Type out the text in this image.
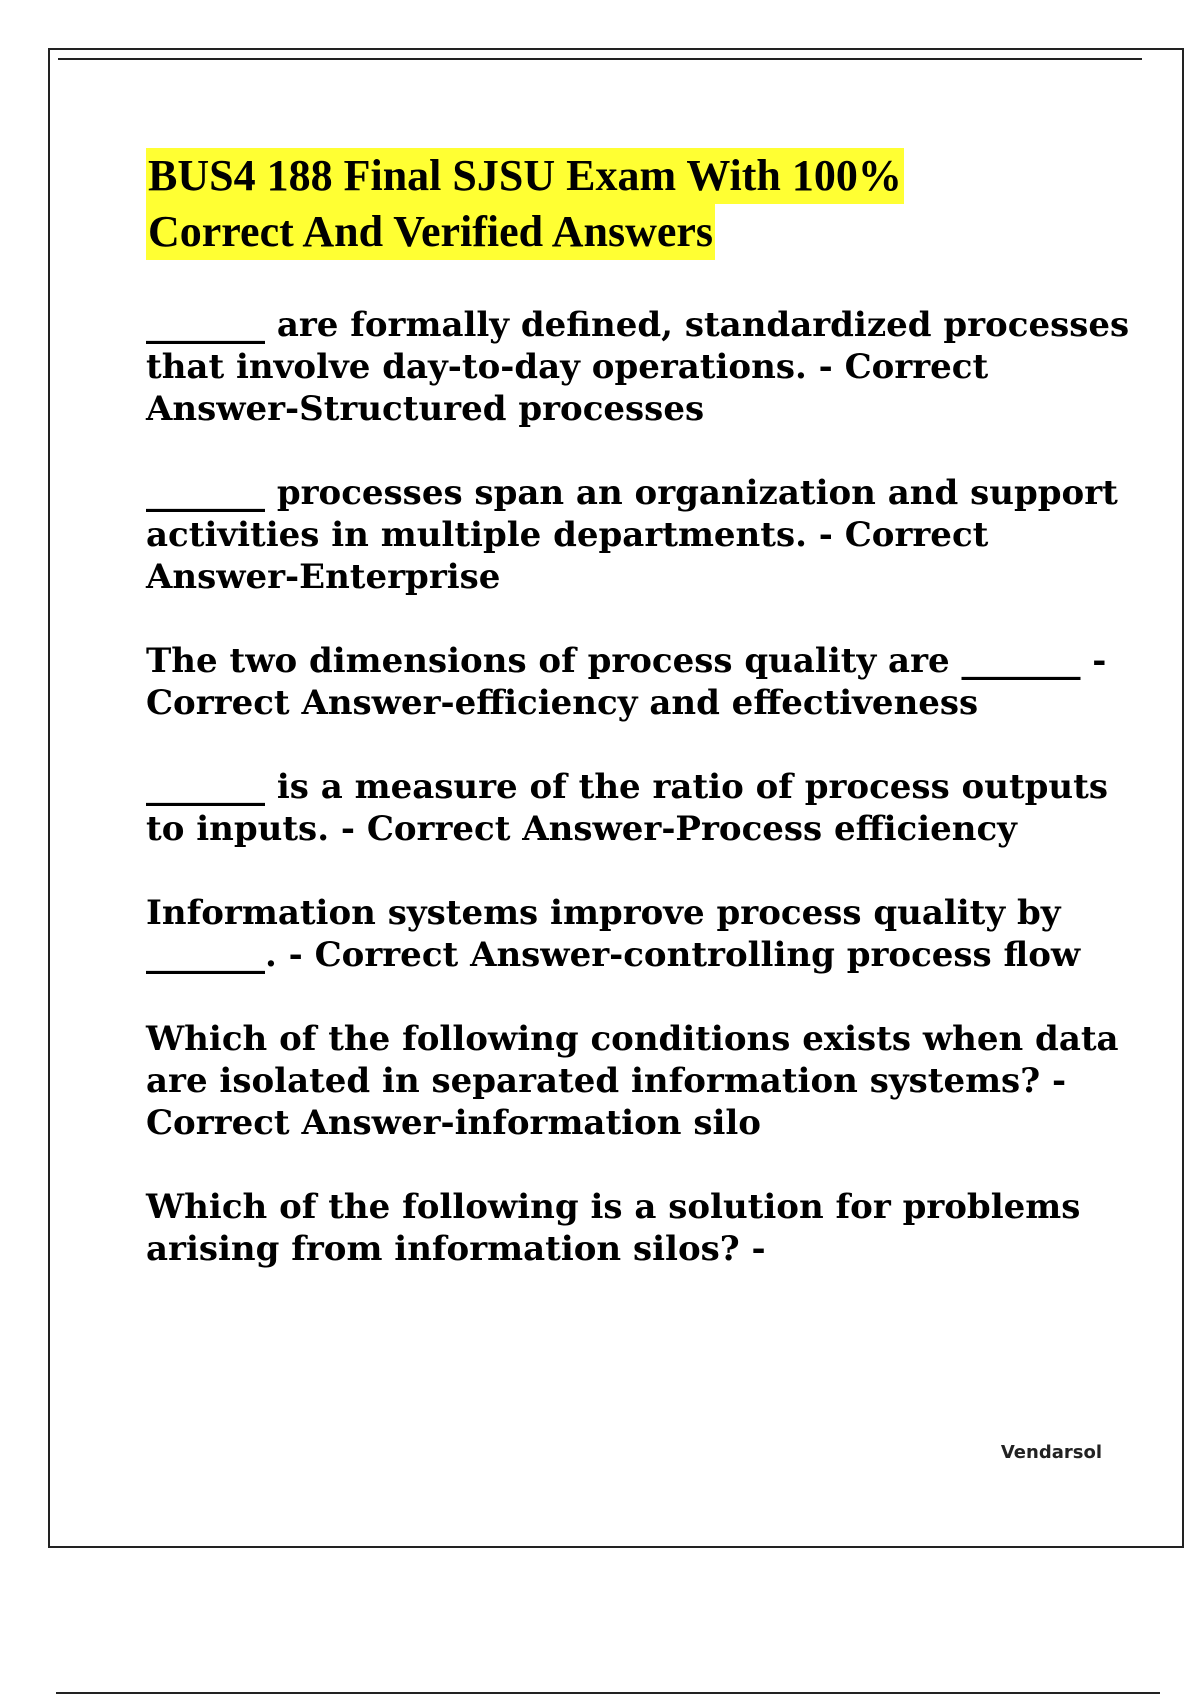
BUS4 188 Final SJSU Exam With 100%
Correct And Verified Answers

_______ are formally defined, standardized processes that involve day-to-day operations. - Correct Answer-Structured processes

_______ processes span an organization and support activities in multiple departments. - Correct Answer-Enterprise

The two dimensions of process quality are _______ - Correct Answer-efficiency and effectiveness

_______ is a measure of the ratio of process outputs to inputs. - Correct Answer-Process efficiency

Information systems improve process quality by _______. - Correct Answer-controlling process flow

Which of the following conditions exists when data are isolated in separated information systems? - Correct Answer-information silo

Which of the following is a solution for problems arising from information silos? -

Vendarsol
